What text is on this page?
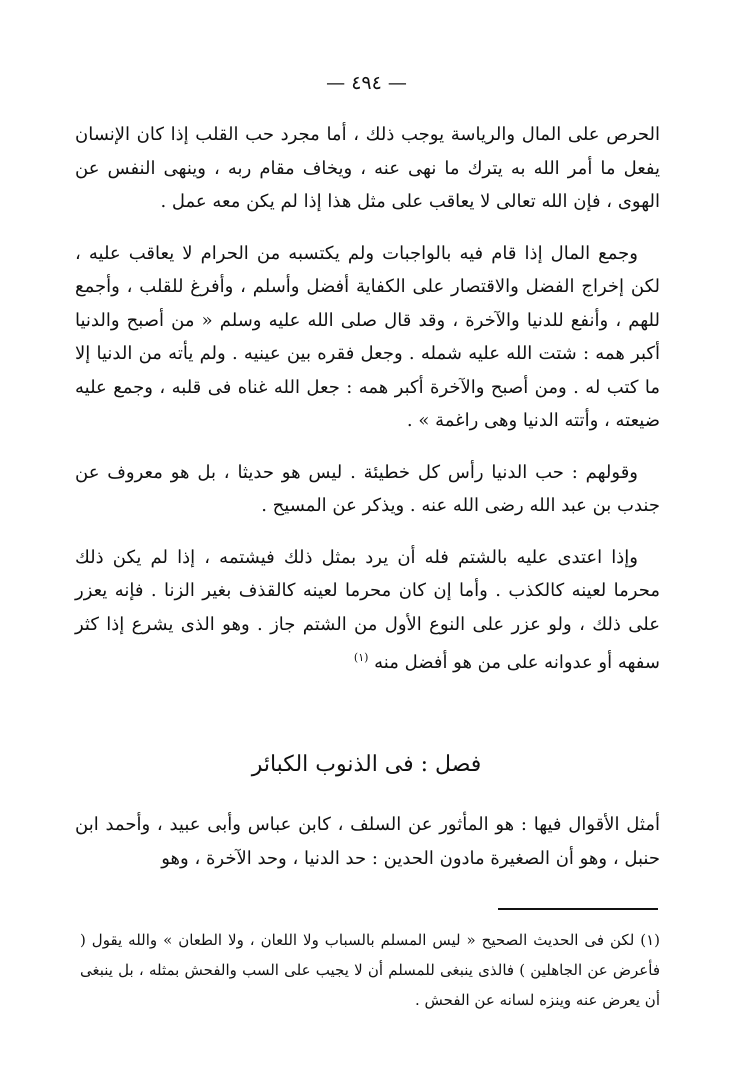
— ٤٩٤ —

الحرص على المال والرياسة يوجب ذلك ، أما مجرد حب القلب إذا كان الإنسان يفعل ما أمر الله به يترك ما نهى عنه ، ويخاف مقام ربه ، وينهى النفس عن الهوى ، فإن الله تعالى لا يعاقب على مثل هذا إذا لم يكن معه عمل .

وجمع المال إذا قام فيه بالواجبات ولم يكتسبه من الحرام لا يعاقب عليه ، لكن إخراج الفضل والاقتصار على الكفاية أفضل وأسلم ، وأفرغ للقلب ، وأجمع للهم ، وأنفع للدنيا والآخرة ، وقد قال صلى الله عليه وسلم « من أصبح والدنيا أكبر همه : شتت الله عليه شمله . وجعل فقره بين عينيه . ولم يأته من الدنيا إلا ما كتب له . ومن أصبح والآخرة أكبر همه : جعل الله غناه فى قلبه ، وجمع عليه ضيعته ، وأتته الدنيا وهى راغمة » .

وقولهم : حب الدنيا رأس كل خطيئة . ليس هو حديثا ، بل هو معروف عن جندب بن عبد الله رضى الله عنه . ويذكر عن المسيح .

وإذا اعتدى عليه بالشتم فله أن يرد بمثل ذلك فيشتمه ، إذا لم يكن ذلك محرما لعينه كالكذب . وأما إن كان محرما لعينه كالقذف بغير الزنا . فإنه يعزر على ذلك ، ولو عزر على النوع الأول من الشتم جاز . وهو الذى يشرع إذا كثر سفهه أو عدوانه على من هو أفضل منه $^{(١)}$

فصل : فى الذنوب الكبائر

أمثل الأقوال فيها : هو المأثور عن السلف ، كابن عباس وأبى عبيد ، وأحمد ابن حنبل ، وهو أن الصغيرة مادون الحدين : حد الدنيا ، وحد الآخرة ، وهو

(١) لكن فى الحديث الصحيح « ليس المسلم بالسباب ولا اللعان ، ولا الطعان » والله يقول ( فأعرض عن الجاهلين ) فالذى ينبغى للمسلم أن لا يجيب على السب والفحش بمثله ، بل ينبغى أن يعرض عنه وينزه لسانه عن الفحش .
